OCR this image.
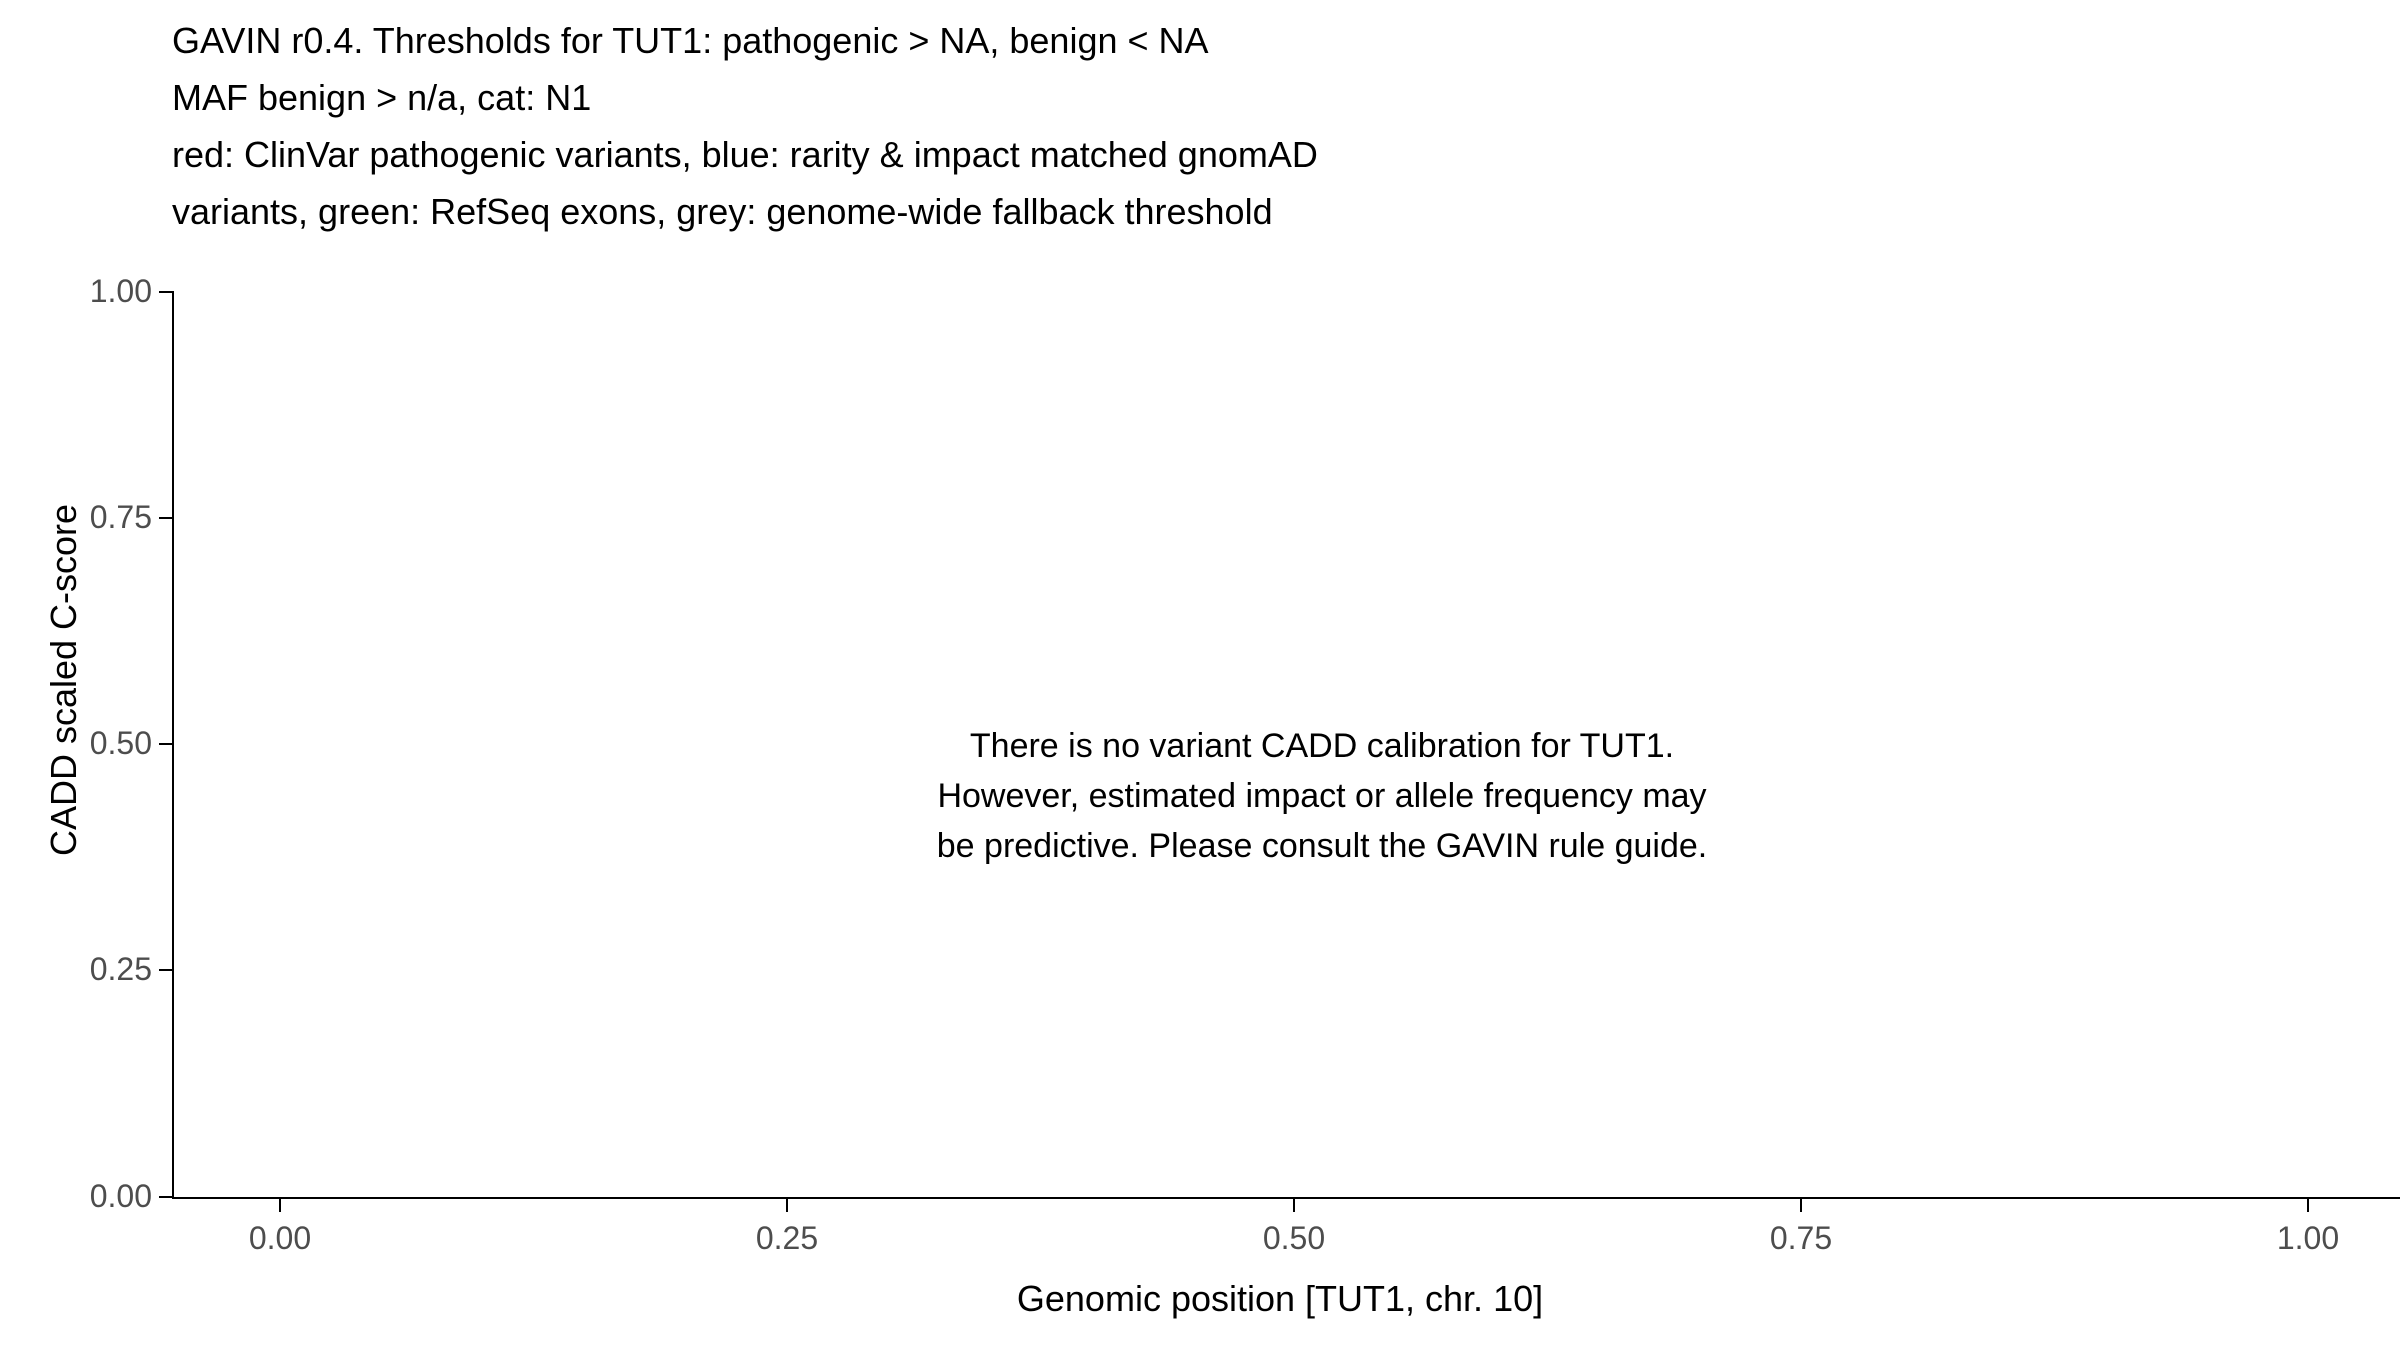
GAVIN r0.4. Thresholds for TUT1: pathogenic > NA, benign < NA
MAF benign > n/a, cat: N1
red: ClinVar pathogenic variants, blue: rarity & impact matched gnomAD
variants, green: RefSeq exons, grey: genome-wide fallback threshold
CADD scaled C-score
0.00
0.25
0.50
0.75
1.00
There is no variant CADD calibration for TUT1.
However, estimated impact or allele frequency may
be predictive. Please consult the GAVIN rule guide.
0.00	0.25	0.50	0.75	1.00
Genomic position [TUT1, chr. 10]
